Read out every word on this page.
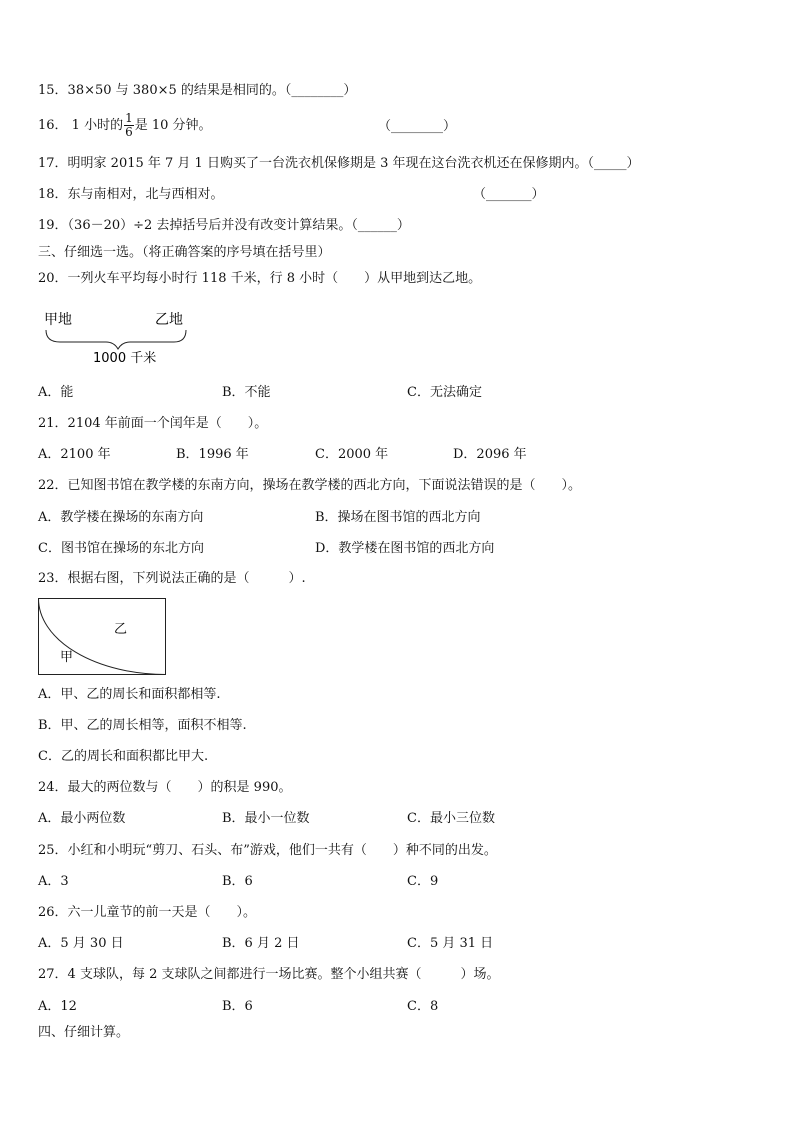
15．38×50 与 380×5 的结果是相同的。（________）
16． 1 小时的 $\frac{1}{6}$ 是 10 分钟。	（________）
17．明明家 2015 年 7 月 1 日购买了一台洗衣机保修期是 3 年现在这台洗衣机还在保修期内。（_____）
18．东与南相对，北与西相对。	（_______）
19．（36－20）÷2 去掉括号后并没有改变计算结果。（______）
三、仔细选一选。（将正确答案的序号填在括号里）
20．一列火车平均每小时行 118 千米，行 8 小时（　　）从甲地到达乙地。
甲地	乙地
1000 千米
A．能	B．不能	C．无法确定
21．2104 年前面一个闰年是（　　）。
A．2100 年	B．1996 年	C．2000 年	D．2096 年
22．已知图书馆在教学楼的东南方向，操场在教学楼的西北方向，下面说法错误的是（　　）。
A．教学楼在操场的东南方向	B．操场在图书馆的西北方向
C．图书馆在操场的东北方向	D．教学楼在图书馆的西北方向
23．根据右图，下列说法正确的是（　　　）.
乙
甲
A．甲、乙的周长和面积都相等.
B．甲、乙的周长相等，面积不相等.
C．乙的周长和面积都比甲大.
24．最大的两位数与（　　）的积是 990。
A．最小两位数	B．最小一位数	C．最小三位数
25．小红和小明玩“剪刀、石头、布”游戏，他们一共有（　　）种不同的出发。
A．3	B．6	C．9
26．六一儿童节的前一天是（　　）。
A．5 月 30 日	B．6 月 2 日	C．5 月 31 日
27．4 支球队，每 2 支球队之间都进行一场比赛。整个小组共赛（　　　）场。
A．12	B．6	C．8
四、仔细计算。
